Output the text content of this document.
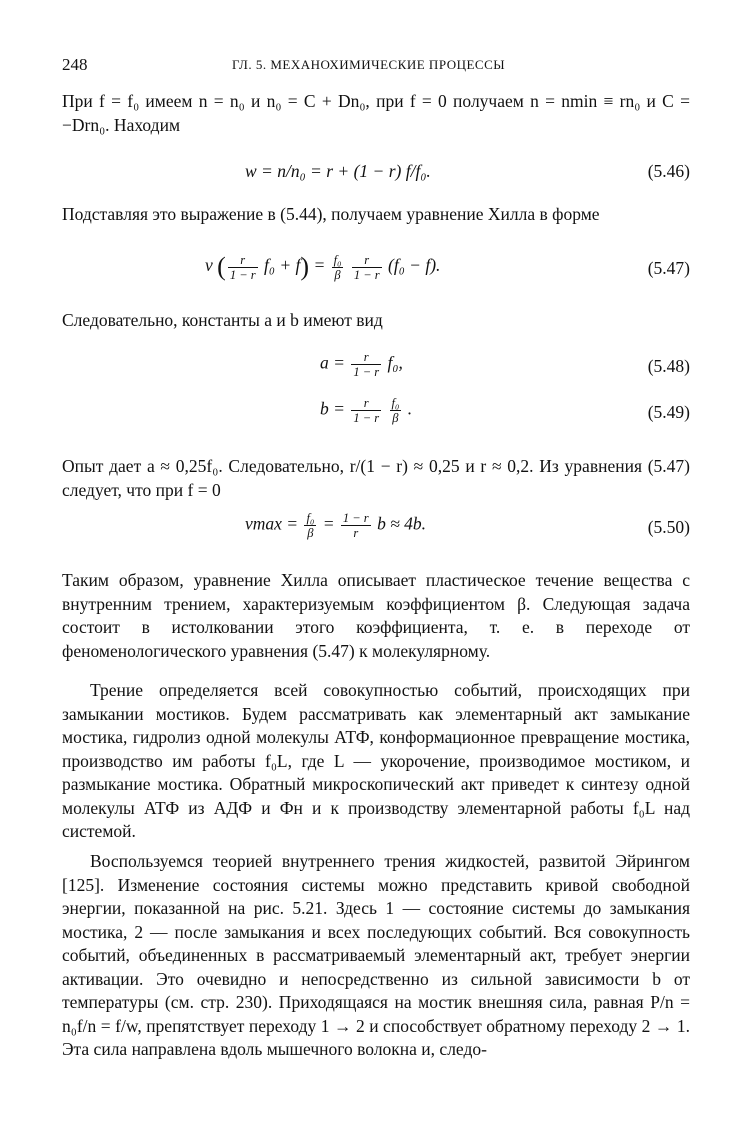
248	ГЛ. 5. МЕХАНОХИМИЧЕСКИЕ ПРОЦЕССЫ

При f = f₀ имеем n = n₀ и n₀ = C + Dn₀, при f = 0 получаем n = nmin ≡ rn₀ и C = −Drn₀. Находим

w = n/n₀ = r + (1 − r) f/f₀.	(5.46)

Подставляя это выражение в (5.44), получаем уравнение Хилла в форме

v ( $\frac{r}{1 - r} f_0 + f) = \frac{\text{f₀}}{\beta}$
$\frac{r}{1 - r} (f_0 - f)$.	(5.47)

Следовательно, константы a и b имеют вид

$a = \frac{r}{1 - r} f_0$,	(5.48)
$b = \frac{r}{1 - r}$
$\frac{\text{f₀}}{\beta}$ .	(5.49)

Опыт дает a ≈ 0,25f₀. Следовательно, r/(1 − r) ≈ 0,25 и r ≈ 0,2. Из уравнения (5.47) следует, что при f = 0

$vmax = \frac{\text{f₀}}{\beta} = \frac{1 - r}{r}$ b ≈ 4b.	(5.50)

Таким образом, уравнение Хилла описывает пластическое течение вещества с внутренним трением, характеризуемым коэффициентом β. Следующая задача состоит в истолковании этого коэффициента, т. е. в переходе от феноменологического уравнения (5.47) к молекулярному.

Трение определяется всей совокупностью событий, происходящих при замыкании мостиков. Будем рассматривать как элементарный акт замыкание мостика, гидролиз одной молекулы АТФ, конформационное превращение мостика, производство им работы f₀L, где L — укорочение, производимое мостиком, и размыкание мостика. Обратный микроскопический акт приведет к синтезу одной молекулы АТФ из АДФ и Фн и к производству элементарной работы f₀L над системой.

Воспользуемся теорией внутреннего трения жидкостей, развитой Эйрингом [125]. Изменение состояния системы можно представить кривой свободной энергии, показанной на рис. 5.21. Здесь 1 — состояние системы до замыкания мостика, 2 — после замыкания и всех последующих событий. Вся совокупность событий, объединенных в рассматриваемый элементарный акт, требует энергии активации. Это очевидно и непосредственно из сильной зависимости b от температуры (см. стр. 230). Приходящаяся на мостик внешняя сила, равная P/n = n₀f/n = f/w, препятствует переходу 1 → 2 и способствует обратному переходу 2 → 1. Эта сила направлена вдоль мышечного волокна и, следо-
